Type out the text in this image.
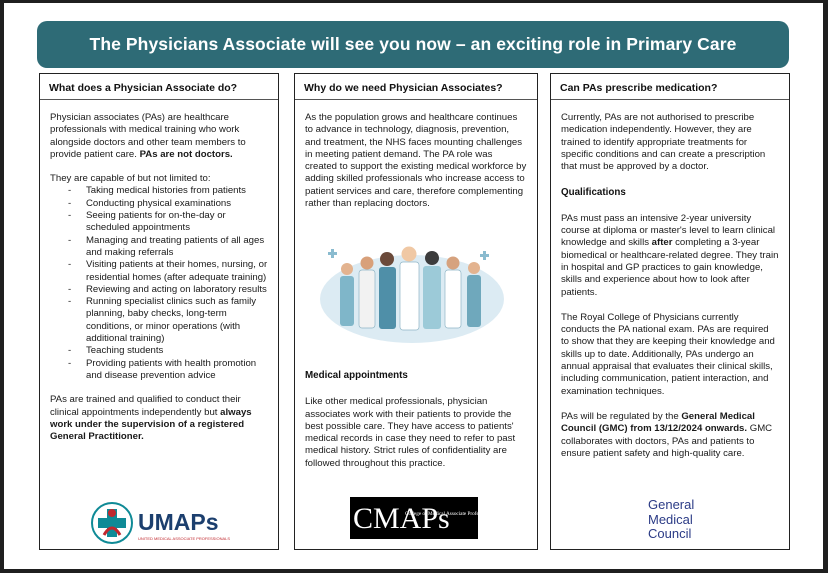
The Physicians Associate will see you now – an exciting role in Primary Care
What does a Physician Associate do?

Physician associates (PAs) are healthcare professionals with medical training who work alongside doctors and other team members to provide patient care. PAs are not doctors.

They are capable of but not limited to:

- Taking medical histories from patients
- Conducting physical examinations
- Seeing patients for on-the-day or scheduled appointments
- Managing and treating patients of all ages and making referrals
- Visiting patients at their homes, nursing, or residential homes (after adequate training)
- Reviewing and acting on laboratory results
- Running specialist clinics such as family planning, baby checks, long-term conditions, or minor operations (with additional training)
- Teaching students
- Providing patients with health promotion and disease prevention advice

PAs are trained and qualified to conduct their clinical appointments independently but always work under the supervision of a registered General Practitioner.

UMAPs
UNITED MEDICAL ASSOCIATE PROFESSIONALS
Why do we need Physician Associates?

As the population grows and healthcare continues to advance in technology, diagnosis, prevention, and treatment, the NHS faces mounting challenges in meeting patient demand. The PA role was created to support the existing medical workforce by adding skilled professionals who increase access to patient services and care, therefore complementing rather than replacing doctors.

Medical appointments

Like other medical professionals, physician associates work with their patients to provide the best possible care. They have access to patients' medical records in case they need to refer to past medical history. Strict rules of confidentiality are followed throughout this practice.

CMAPs
College of Medical Associate Prof
Can PAs prescribe medication?

Currently, PAs are not authorised to prescribe medication independently. However, they are trained to identify appropriate treatments for specific conditions and can create a prescription that must be approved by a doctor.

Qualifications

PAs must pass an intensive 2-year university course at diploma or master's level to learn clinical knowledge and skills after completing a 3-year biomedical or healthcare-related degree. They train in hospital and GP practices to gain knowledge, skills and experience about how to look after patients.

The Royal College of Physicians currently conducts the PA national exam. PAs are required to show that they are keeping their knowledge and skills up to date. Additionally, PAs undergo an annual appraisal that evaluates their clinical skills, including communication, patient interaction, and examination techniques.

PAs will be regulated by the General Medical Council (GMC) from 13/12/2024 onwards. GMC collaborates with doctors, PAs and patients to ensure patient safety and high-quality care.

General
Medical
Council
